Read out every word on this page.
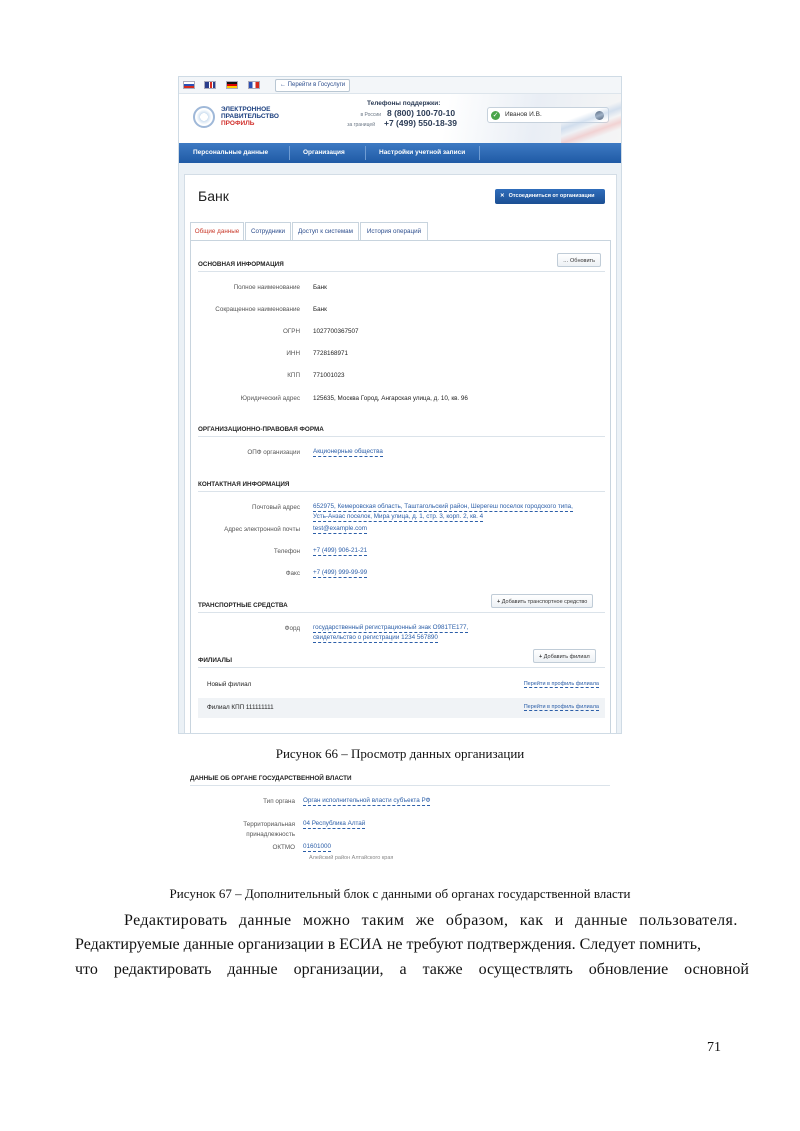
← Перейти в Госуслуги
ЭЛЕКТРОННОЕ
ПРАВИТЕЛЬСТВО
ПРОФИЛЬ
Телефоны поддержки:
в России 8 (800) 100-70-10
за границей +7 (499) 550-18-39
✓ Иванов И.В.
Персональные данные	Организация	Настройки учетной записи
Банк	✕ Отсоединиться от организации
Общие данные	Сотрудники	Доступ к системам	История операций
ОСНОВНАЯ ИНФОРМАЦИЯ	… Обновить
Полное наименование Банк
Сокращенное наименование Банк
ОГРН 1027700367507
ИНН 7728168971
КПП 771001023
Юридический адрес 125635, Москва Город, Ангарская улица, д. 10, кв. 96
ОРГАНИЗАЦИОННО-ПРАВОВАЯ ФОРМА
ОПФ организации Акционерные общества
КОНТАКТНАЯ ИНФОРМАЦИЯ
Почтовый адрес 652975, Кемеровская область, Таштагольский район, Шерегеш поселок городского типа,
Усть-Анзас поселок, Мира улица, д. 1, стр. 3, корп. 2, кв. 4
Адрес электронной почты test@example.com
Телефон +7 (499) 906-21-21
Факс +7 (499) 999-99-99
ТРАНСПОРТНЫЕ СРЕДСТВА	+ Добавить транспортное средство
Форд государственный регистрационный знак О981ТЕ177,
свидетельство о регистрации 1234 567890
ФИЛИАЛЫ	+ Добавить филиал
Новый филиал	Перейти в профиль филиала
Филиал КПП 111111111	Перейти в профиль филиала
Рисунок 66 – Просмотр данных организации
ДАННЫЕ ОБ ОРГАНЕ ГОСУДАРСТВЕННОЙ ВЛАСТИ
Тип органа Орган исполнительной власти субъекта РФ
Территориальная
принадлежность
04 Республика Алтай
ОКТМО 01601000
Алейский район Алтайского края
Рисунок 67 – Дополнительный блок с данными об органах государственной власти
Редактировать данные можно таким же образом, как и данные пользователя.
Редактируемые данные организации в ЕСИА не требуют подтверждения. Следует помнить,
что редактировать данные организации, а также осуществлять обновление основной
71
